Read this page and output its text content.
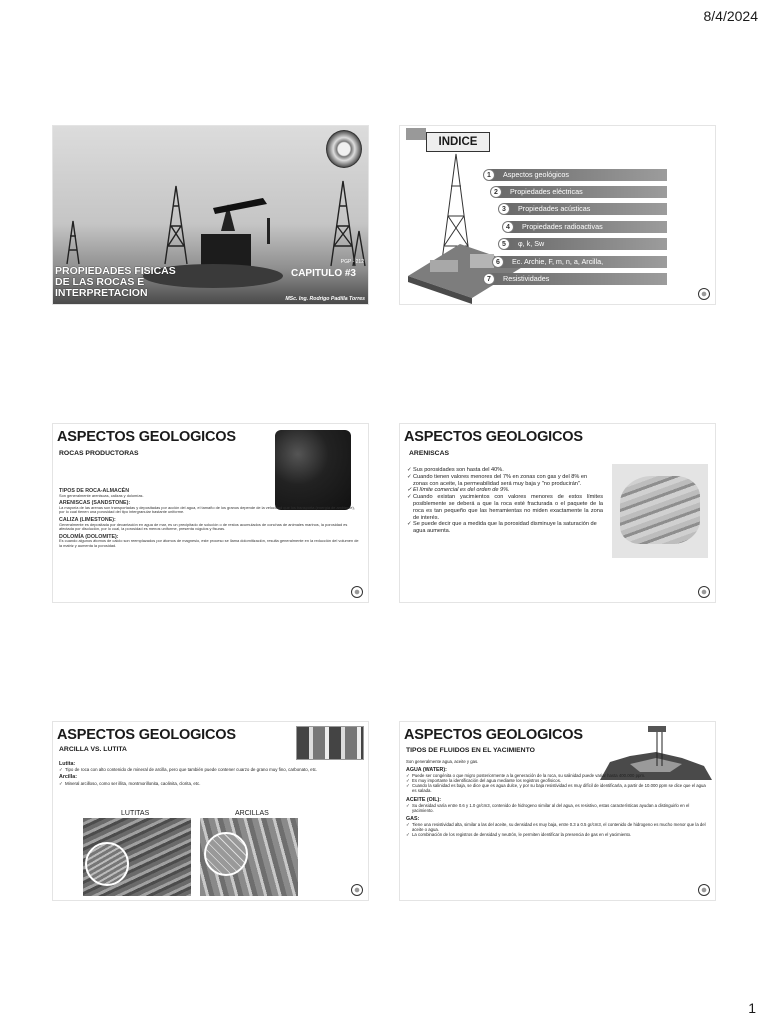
8/4/2024
PROPIEDADES FISICAS
DE LAS ROCAS E
INTERPRETACION
PGP - 212
CAPITULO #3
MSc. Ing. Rodrigo Padilla Torres
INDICE
Aspectos geológicos
1
Propiedades eléctricas
2
Propiedades acústicas
3
Propiedades radioactivas
4
φ, k, Sw
5
Ec. Archie, F, m, n, a, Arcilla,
6
Resistividades
7
ASPECTOS GEOLOGICOS
ROCAS PRODUCTORAS
TIPOS DE ROCA-ALMACÉN
Son generalmente areniscas, calizas y dolomías.
ARENISCAS (SANDSTONE):
La mayoría de las arenas son transportadas y depositadas por acción del agua, el tamaño de los granos depende de la velocidad que los transporta (energía de ambiente), por lo cual tienen una porosidad del tipo intergranular bastante uniforme.
CALIZA (LIMESTONE):
Generalmente es depositada por decantación en agua de mar, es un precipitado de solución o de restos acumulados de conchas de animales marinos, la porosidad es afectada por disolución, por lo cual, la porosidad es menos uniforme, presenta vúgulos y fisuras.
DOLOMÍA (DOLOMITE):
Es cuando algunos átomos de calcio son reemplazados por átomos de magnesio, este proceso se llama dolomitización, resulta generalmente en la reducción del volumen de la matriz y aumenta la porosidad.
ASPECTOS GEOLOGICOS
ARENISCAS
✓ Sus porosidades son hasta del 40%.
✓ Cuando tienen valores menores del 7% en zonas con gas y del 8% en zonas con aceite, la permeabilidad será muy baja y "no producirán".
✓ El límite comercial es del orden de 9%.
✓ Cuando existan yacimientos con valores menores de estos límites posiblemente se deberá a que la roca esté fracturada o el paquete de la roca es tan pequeño que las herramientas no miden exactamente la zona de interés.
✓ Se puede decir que a medida que la porosidad disminuye la saturación de agua aumenta.
ASPECTOS GEOLOGICOS
ARCILLA VS. LUTITA
Lutita:
✓ Tipo de roca con alto contenido de mineral de arcilla, pero que también puede contener cuarzo de grano muy fino, carbonato, etc.
Arcilla:
✓ Mineral arcilloso, como ser illita, montmorillonita, caolinita, clorita, etc.
LUTITAS	ARCILLAS
ASPECTOS GEOLOGICOS
TIPOS DE FLUIDOS EN EL YACIMIENTO
Son generalmente agua, aceite y gas.
AGUA (WATER):
✓ Puede ser congénita o que migro posteriormente a la generación de la roca, su salinidad puede variar hasta 400.000 ppm.
✓ Es muy importante la identificación del agua mediante los registros geofísicos.
✓ Cuando la salinidad es baja, se dice que es agua dulce, y por su baja resistividad es muy difícil de identificarla, a partir de 10.000 ppm se dice que el agua es salada.
ACEITE (OIL):
✓ Su densidad varía entre 0.6 y 1.0 gr/cm3, contenido de hidrogeno similar al del agua, es resistivo, estas características ayudan a distinguirlo en el yacimiento.
GAS:
✓ Tiene una resistividad alta, similar a las del aceite, su densidad es muy baja, entre 0.3 a 0.5 gr/cm3, el contenido de hidrogeno es mucho menor que la del aceite o agua.
✓ La combinación de los registros de densidad y neutrón, le permiten identificar la presencia de gas en el yacimiento.
1
